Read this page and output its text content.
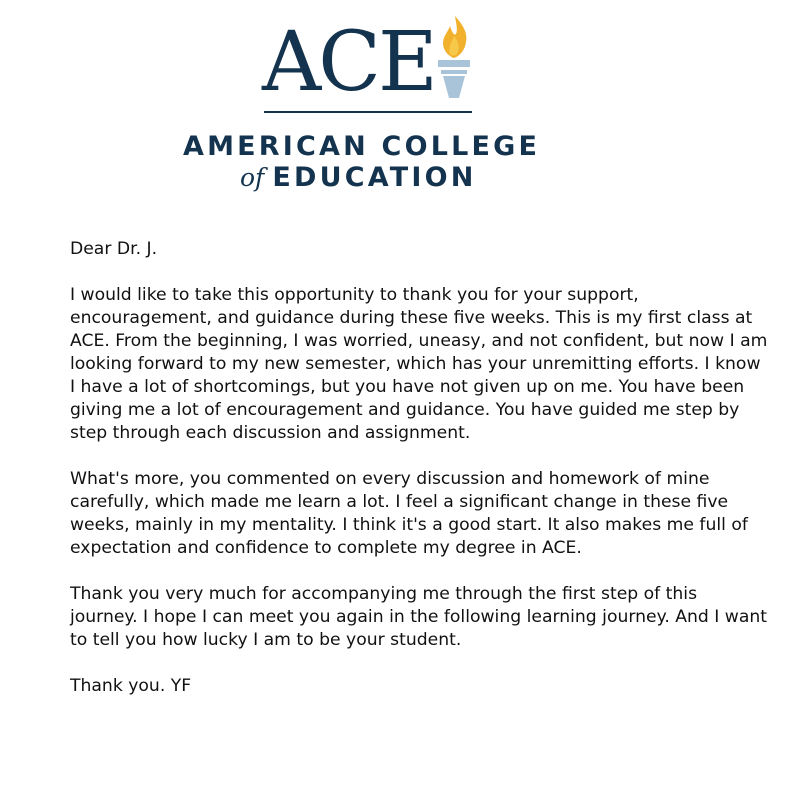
ACE
AMERICAN COLLEGE
of EDUCATION

Dear Dr. J.

I would like to take this opportunity to thank you for your support, encouragement, and guidance during these five weeks. This is my first class at ACE. From the beginning, I was worried, uneasy, and not confident, but now I am looking forward to my new semester, which has your unremitting efforts. I know I have a lot of shortcomings, but you have not given up on me. You have been giving me a lot of encouragement and guidance. You have guided me step by step through each discussion and assignment.

What's more, you commented on every discussion and homework of mine carefully, which made me learn a lot. I feel a significant change in these five weeks, mainly in my mentality. I think it's a good start. It also makes me full of expectation and confidence to complete my degree in ACE.

Thank you very much for accompanying me through the first step of this journey. I hope I can meet you again in the following learning journey. And I want to tell you how lucky I am to be your student.

Thank you. YF
